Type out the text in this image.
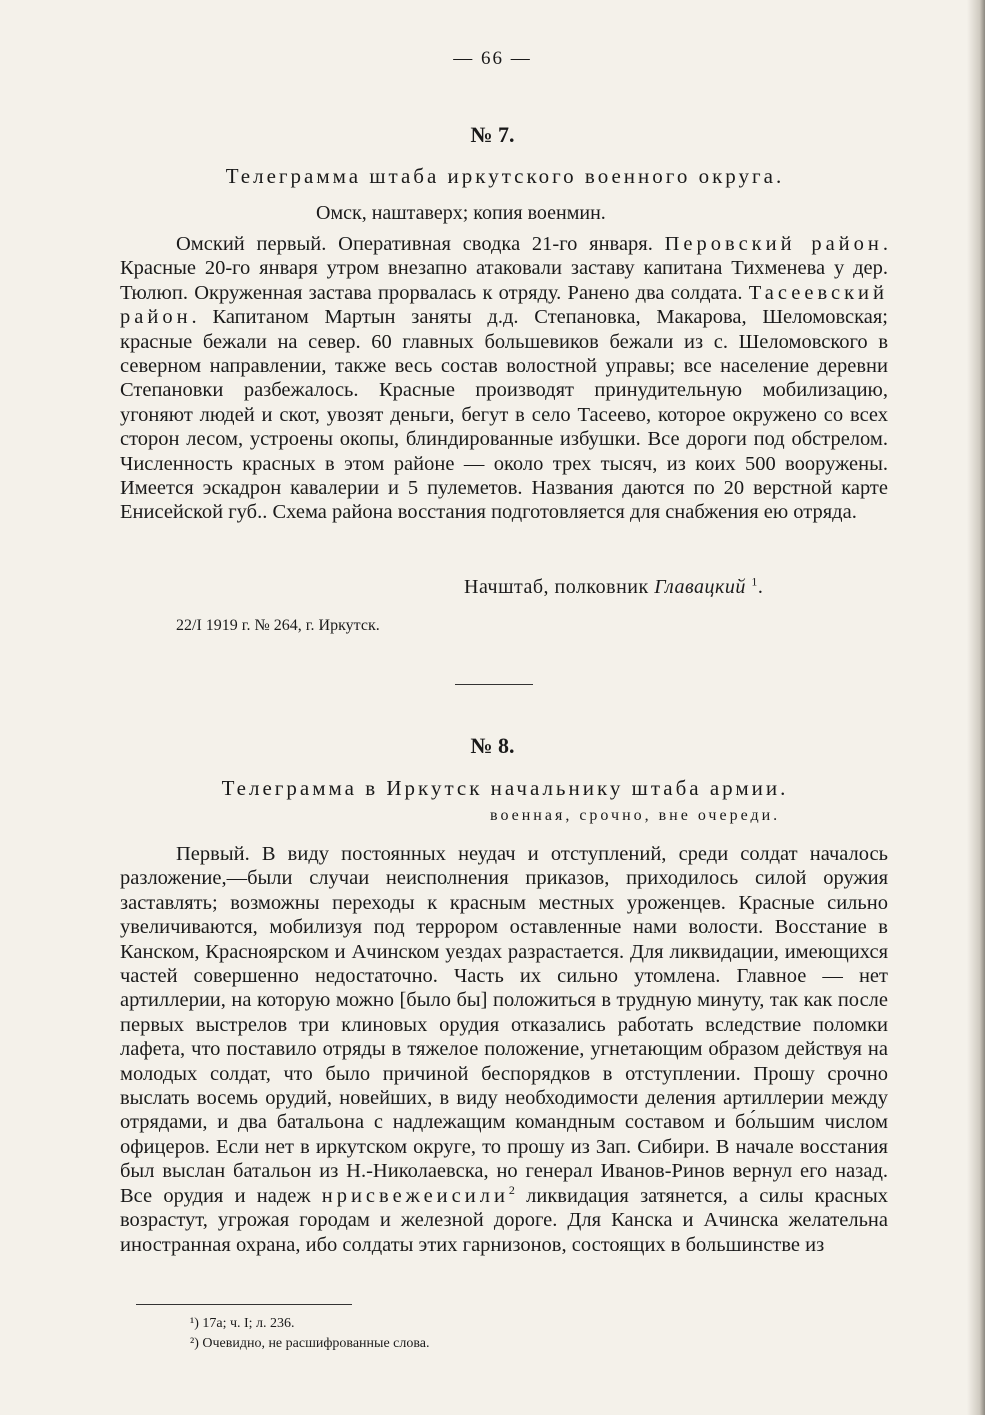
— 66 —
№ 7.
Телеграмма штаба иркутского военного округа.
Омск, наштаверх; копия военмин.

Омский первый. Оперативная сводка 21-го января. Перовский район. Красные 20-го января утром внезапно атаковали заставу капитана Тихменева у дер. Тюлюп. Окруженная застава прорвалась к отряду. Ранено два солдата. Тасеевский район. Капитаном Мартын заняты д.д. Степановка, Макарова, Шеломовская; красные бежали на север. 60 главных большевиков бежали из с. Шеломовского в северном направлении, также весь состав волостной управы; все население деревни Степановки разбежалось. Красные производят принудительную мобилизацию, угоняют людей и скот, увозят деньги, бегут в село Тасеево, которое окружено со всех сторон лесом, устроены окопы, блиндированные избушки. Все дороги под обстрелом. Численность красных в этом районе — около трех тысяч, из коих 500 вооружены. Имеется эскадрон кавалерии и 5 пулеметов. Названия даются по 20 верстной карте Енисейской губ.. Схема района восстания подготовляется для снабжения ею отряда.

Начштаб, полковник Главацкий $^1$.
22/I 1919 г. № 264, г. Иркутск.
№ 8.
Телеграмма в Иркутск начальнику штаба армии.
военная, срочно, вне очереди.

Первый. В виду постоянных неудач и отступлений, среди солдат началось разложение,—были случаи неисполнения приказов, приходилось силой оружия заставлять; возможны переходы к красным местных уроженцев. Красные сильно увеличиваются, мобилизуя под террором оставленные нами волости. Восстание в Канском, Красноярском и Ачинском уездах разрастается. Для ликвидации, имеющихся частей совершенно недостаточно. Часть их сильно утомлена. Главное — нет артиллерии, на которую можно [было бы] положиться в трудную минуту, так как после первых выстрелов три клиновых орудия отказались работать вследствие поломки лафета, что поставило отряды в тяжелое положение, угнетающим образом действуя на молодых солдат, что было причиной беспорядков в отступлении. Прошу срочно выслать восемь орудий, новейших, в виду необходимости деления артиллерии между отрядами, и два батальона с надлежащим командным составом и бо́льшим числом офицеров. Если нет в иркутском округе, то прошу из Зап. Сибири. В начале восстания был выслан батальон из Н.-Николаевска, но генерал Иванов-Ринов вернул его назад. Все орудия и надеж нрисвежеисили$^2$ ликвидация затянется, а силы красных возрастут, угрожая городам и железной дороге. Для Канска и Ачинска желательна иностранная охрана, ибо солдаты этих гарнизонов, состоящих в большинстве из

¹) 17а; ч. I; л. 236.
²) Очевидно, не расшифрованные слова.
